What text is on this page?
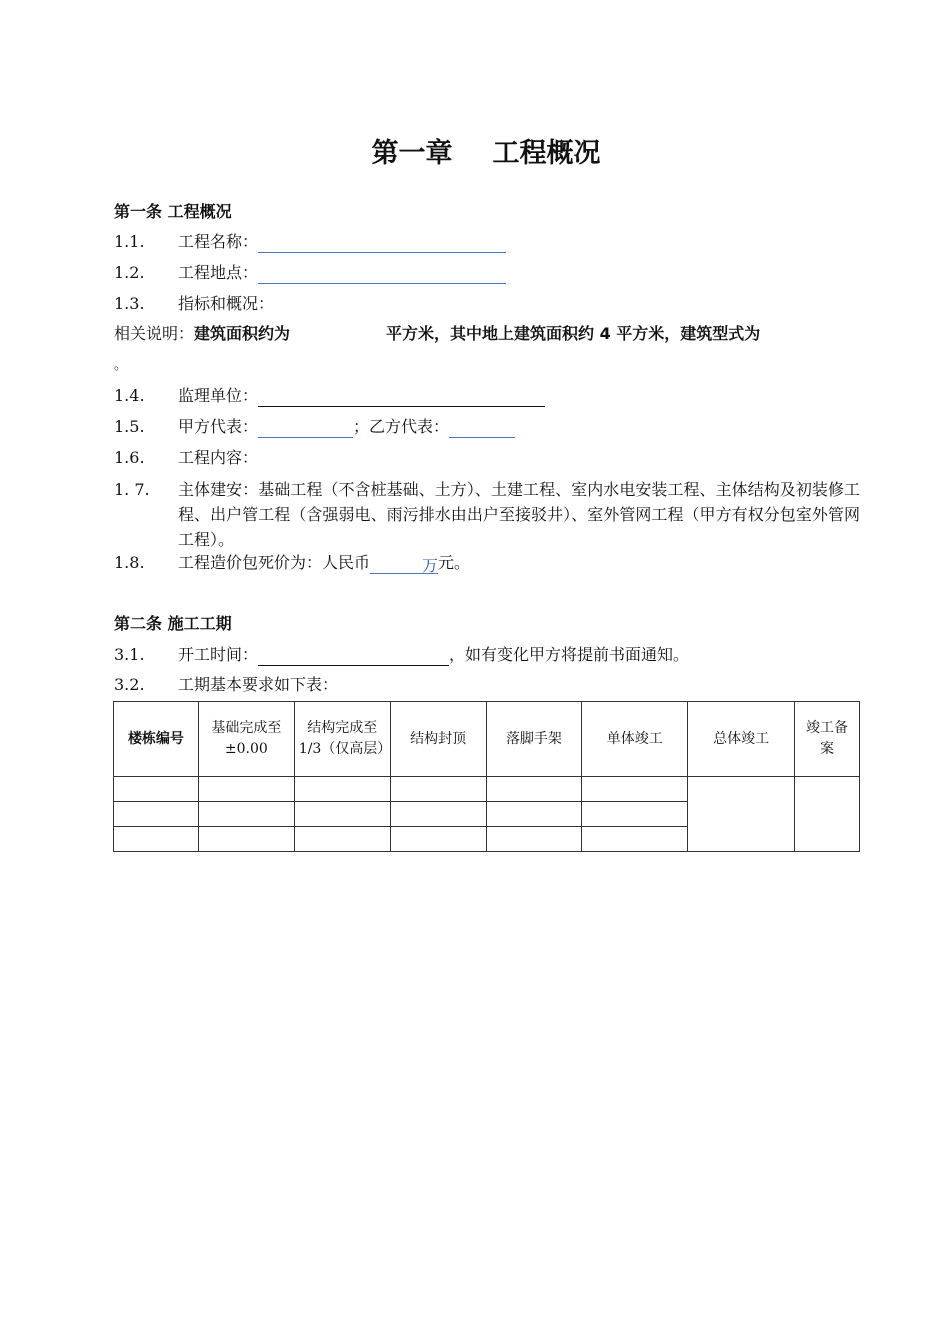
第一章 工程概况
第一条 工程概况
1.1. 工程名称：
1.2. 工程地点：
1.3. 指标和概况：
相关说明：建筑面积约为	平方米，其中地上建筑面积约 4 平方米，建筑型式为
。
1.4. 监理单位：
1.5. 甲方代表：	；乙方代表：
1.6. 工程内容：
1. 7.	主体建安：基础工程（不含桩基础、土方）、土建工程、室内水电安装工程、主体结构及初装修工程、出户管工程（含强弱电、雨污排水由出户至接驳井）、室外管网工程（甲方有权分包室外管网工程）。
1.8. 工程造价包死价为：人民币	万元。
第二条 施工工期
3.1. 开工时间：	，如有变化甲方将提前书面通知。
3.2. 工期基本要求如下表：
楼栋编号	基础完成至±0.00	结构完成至 1/3（仅高层）	结构封顶	落脚手架	单体竣工	总体竣工	竣工备案
